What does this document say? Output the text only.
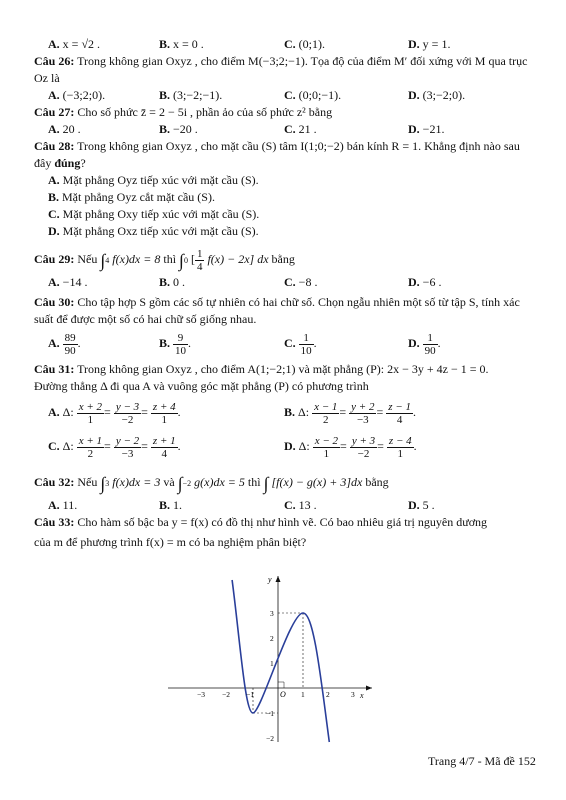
A. x = √2 .	B. x = 0 .	C. (0;1).	D. y = 1.
Câu 26: Trong không gian Oxyz , cho điểm M(−3;2;−1). Tọa độ của điểm M′ đối xứng với M qua trục Oz là
A. (−3;2;0).	B. (3;−2;−1).	C. (0;0;−1).	D. (3;−2;0).
Câu 27: Cho số phức z̄ = 2 − 5i , phần ảo của số phức z² bằng
A. 20 .	B. −20 .	C. 21 .	D. −21.
Câu 28: Trong không gian Oxyz , cho mặt cầu (S) tâm I(1;0;−2) bán kính R = 1. Khẳng định nào sau đây đúng?
A. Mặt phẳng Oyz tiếp xúc với mặt cầu (S).
B. Mặt phẳng Oyz cắt mặt cầu (S).
C. Mặt phẳng Oxy tiếp xúc với mặt cầu (S).
D. Mặt phẳng Oxz tiếp xúc với mặt cầu (S).
Câu 29: Nếu ∫4 f(x)dx = 8 thì ∫0 [ $\frac{1}{4} f(x) - 2x$] dx bằng
A. −14 .	B. 0 .	C. −8 .	D. −6 .
Câu 30: Cho tập hợp S gồm các số tự nhiên có hai chữ số. Chọn ngẫu nhiên một số từ tập S, tính xác suất để được một số có hai chữ số giống nhau.
A. $\frac{89}{90}$ .	B. $\frac{9}{10}$ .	C. $\frac{1}{10}$ .	D. $\frac{1}{90}$ .
Câu 31: Trong không gian Oxyz , cho điểm A(1;−2;1) và mặt phẳng (P): 2x − 3y + 4z − 1 = 0.
Đường thẳng Δ đi qua A và vuông góc mặt phẳng (P) có phương trình
A. Δ: $\frac{x + 2}{1} = \frac{y - 3}{-2} = \frac{z + 4}{1}$ .	B. Δ: $\frac{x - 1}{2} = \frac{y + 2}{-3} = \frac{z - 1}{4}$ .
C. Δ: $\frac{x + 1}{2} = \frac{y - 2}{-3} = \frac{z + 1}{4}$ .	D. Δ: $\frac{x - 2}{1} = \frac{y + 3}{-2} = \frac{z - 4}{1}$ .
Câu 32: Nếu ∫3 f(x)dx = 3 và ∫−2 g(x)dx = 5 thì ∫ [f(x) − g(x) + 3]dx bằng
A. 11.	B. 1.	C. 13 .	D. 5 .
Câu 33: Cho hàm số bậc ba y = f(x) có đồ thị như hình vẽ. Có bao nhiêu giá trị nguyên dương
của m để phương trình f(x) = m có ba nghiệm phân biệt?
x
y
O
−3 −2 −1	1	2	3
3
2
1
−1
−2
Trang 4/7 - Mã đề 152
